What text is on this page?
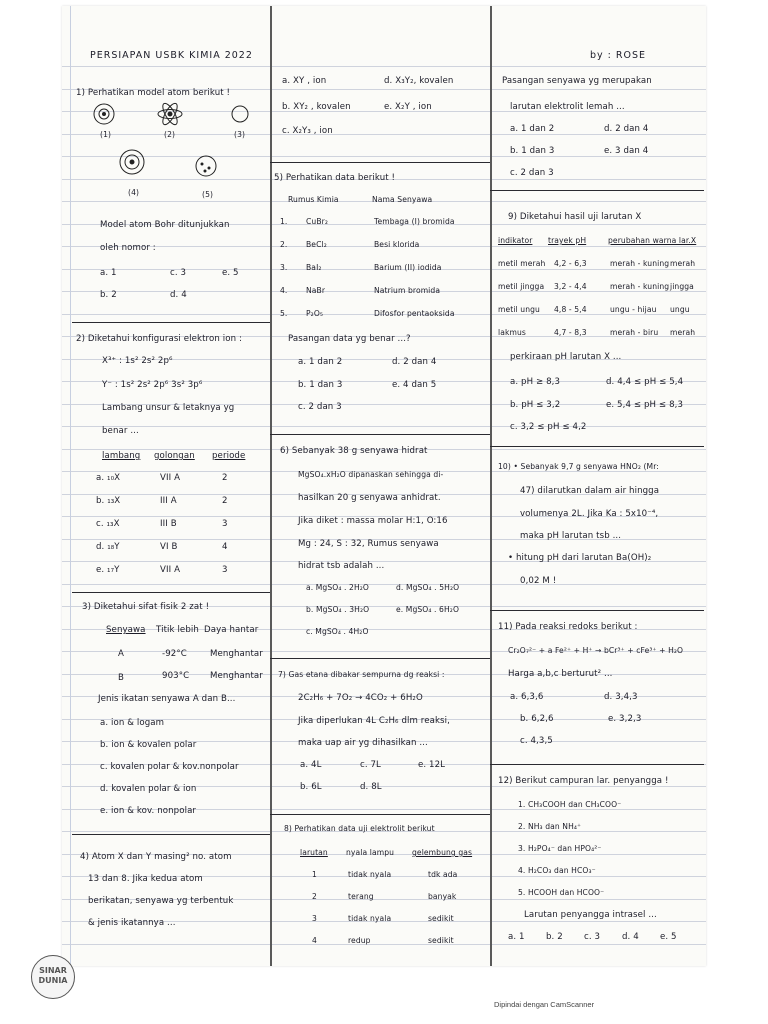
PERSIAPAN USBK KIMIA 2022	by : ROSE
1) Perhatikan model atom berikut !
(1)	(2)	(3)
(4)	(5)
Model atom Bohr ditunjukkan
oleh nomor :
a. 1	c. 3	e. 5
b. 2	d. 4
2) Diketahui konfigurasi elektron ion :
X³⁺ : 1s² 2s² 2p⁶
Y⁻ : 1s² 2s² 2p⁶ 3s² 3p⁶
Lambang unsur & letaknya yg
benar ...
lambang golongan periode
a. ₁₀X	VII A	2
b. ₁₃X	III A	2
c. ₁₃X	III B	3
d. ₁₈Y	VI B	4
e. ₁₇Y	VII A	3
3) Diketahui sifat fisik 2 zat !
Senyawa Titik lebih Daya hantar
A	-92°C	Menghantar
B	903°C Menghantar
Jenis ikatan senyawa A dan B...
a. ion & logam
b. ion & kovalen polar
c. kovalen polar & kov.nonpolar
d. kovalen polar & ion
e. ion & kov. nonpolar
4) Atom X dan Y masing² no. atom
13 dan 8. Jika kedua atom
berikatan, senyawa yg terbentuk
& jenis ikatannya ...
a. XY , ion	d. X₃Y₂, kovalen
b. XY₂ , kovalen	e. X₂Y , ion
c. X₂Y₃ , ion
5) Perhatikan data berikut !
Rumus Kimia	Nama Senyawa
1. CuBr₂	Tembaga (I) bromida
2. BeCl₂	Besi klorida
3. BaI₂	Barium (II) iodida
4. NaBr	Natrium bromida
5. P₂O₅	Difosfor pentaoksida
Pasangan data yg benar ...?
a. 1 dan 2	d. 2 dan 4
b. 1 dan 3	e. 4 dan 5
c. 2 dan 3
6) Sebanyak 38 g senyawa hidrat
MgSO₄.xH₂O dipanaskan sehingga di-
hasilkan 20 g senyawa anhidrat.
Jika diket : massa molar H:1, O:16
Mg : 24, S : 32, Rumus senyawa
hidrat tsb adalah ...
a. MgSO₄ . 2H₂O	d. MgSO₄ . 5H₂O
b. MgSO₄ . 3H₂O	e. MgSO₄ . 6H₂O
c. MgSO₄ . 4H₂O
7) Gas etana dibakar sempurna dg reaksi :
2C₂H₆ + 7O₂ → 4CO₂ + 6H₂O
Jika diperlukan 4L C₂H₆ dlm reaksi,
maka uap air yg dihasilkan ...
a. 4L	c. 7L	e. 12L
b. 6L	d. 8L
8) Perhatikan data uji elektrolit berikut
larutan nyala lampu gelembung gas
1	tidak nyala	tdk ada
2	terang	banyak
3	tidak nyala	sedikit
4	redup	sedikit
Pasangan senyawa yg merupakan
larutan elektrolit lemah ...
a. 1 dan 2	d. 2 dan 4
b. 1 dan 3	e. 3 dan 4
c. 2 dan 3
9) Diketahui hasil uji larutan X
indikator trayek pH	perubahan warna lar.X
metil merah 4,2 - 6,3	merah - kuning merah
metil jingga 3,2 - 4,4	merah - kuning jingga
metil ungu 4,8 - 5,4	ungu - hijau ungu
lakmus	4,7 - 8,3	merah - biru merah
perkiraan pH larutan X ...
a. pH ≥ 8,3	d. 4,4 ≤ pH ≤ 5,4
b. pH ≤ 3,2	e. 5,4 ≤ pH ≤ 8,3
c. 3,2 ≤ pH ≤ 4,2
10) • Sebanyak 9,7 g senyawa HNO₂ (Mr:
47) dilarutkan dalam air hingga
volumenya 2L. Jika Ka : 5x10⁻⁴,
maka pH larutan tsb ...
• hitung pH dari larutan Ba(OH)₂
0,02 M !
11) Pada reaksi redoks berikut :
Cr₂O₇²⁻ + a Fe²⁺ + H⁺ → bCr³⁺ + cFe³⁺ + H₂O
Harga a,b,c berturut² ...
a. 6,3,6	d. 3,4,3
b. 6,2,6	e. 3,2,3
c. 4,3,5
12) Berikut campuran lar. penyangga !
1. CH₃COOH dan CH₃COO⁻
2. NH₃ dan NH₄⁺
3. H₂PO₄⁻ dan HPO₄²⁻
4. H₂CO₃ dan HCO₃⁻
5. HCOOH dan HCOO⁻
Larutan penyangga intrasel ...
a. 1 b. 2 c. 3	d. 4 e. 5
SINAR DUNIA
Dipindai dengan CamScanner
